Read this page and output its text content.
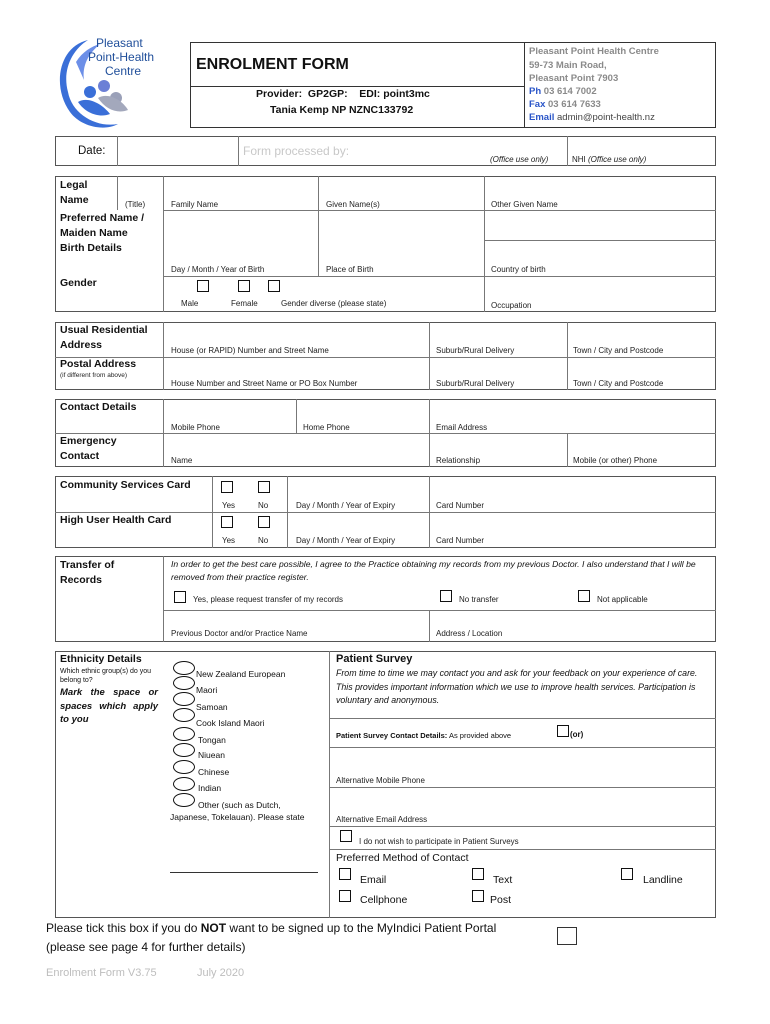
Pleasant
Point-Health
Centre	ENROLMENT FORM
Provider:  GP2GP:    EDI: point3mc
Tania Kemp NP NZNC133792
Pleasant Point Health Centre
59-73 Main Road,
Pleasant Point 7903
Ph 03 614 7002
Fax 03 614 7633
Email admin@point-health.nz
Date:	Form processed by:
(Office use only)	NHI (Office use only)
Legal
Name	(Title)	Family Name	Given Name(s)	Other Given Name
Preferred Name / Maiden Name
Birth Details
Day / Month / Year of Birth	Place of Birth	Country of birth
Gender
Male	Female	Gender diverse (please state)	Occupation
Usual Residential Address	House (or RAPID) Number and Street Name	Suburb/Rural Delivery	Town / City and Postcode
Postal Address
(if different from above)
House Number and Street Name or PO Box Number	Suburb/Rural Delivery	Town / City and Postcode
Contact Details
Mobile Phone	Home Phone	Email Address
Emergency Contact	Name	Relationship	Mobile (or other) Phone
Community Services Card
Yes	No	Day / Month / Year of Expiry	Card Number
High User Health Card
Yes	No	Day / Month / Year of Expiry	Card Number
Transfer of Records
In order to get the best care possible, I agree to the Practice obtaining my records from my previous Doctor. I also understand that I will be removed from their practice register.
Yes, please request transfer of my records	No transfer	Not applicable
Previous Doctor and/or Practice Name	Address / Location
Ethnicity Details
Which ethnic group(s) do you belong to?
Mark the space or spaces which apply to you
New Zealand European
Maori
Samoan
Cook Island Maori
Tongan
Niuean
Chinese
Indian
Other (such as Dutch,
Japanese, Tokelauan). Please state
Patient Survey
From time to time we may contact you and ask for your feedback on your experience of care. This provides important information which we use to improve health services. Participation is voluntary and anonymous.
Patient Survey Contact Details: As provided above	(or)
Alternative Mobile Phone
Alternative Email Address
I do not wish to participate in Patient Surveys
Preferred Method of Contact
Email	Text	Landline
Cellphone	Post
Please tick this box if you do NOT want to be signed up to the MyIndici Patient Portal
(please see page 4 for further details)
Enrolment Form V3.75	July 2020
